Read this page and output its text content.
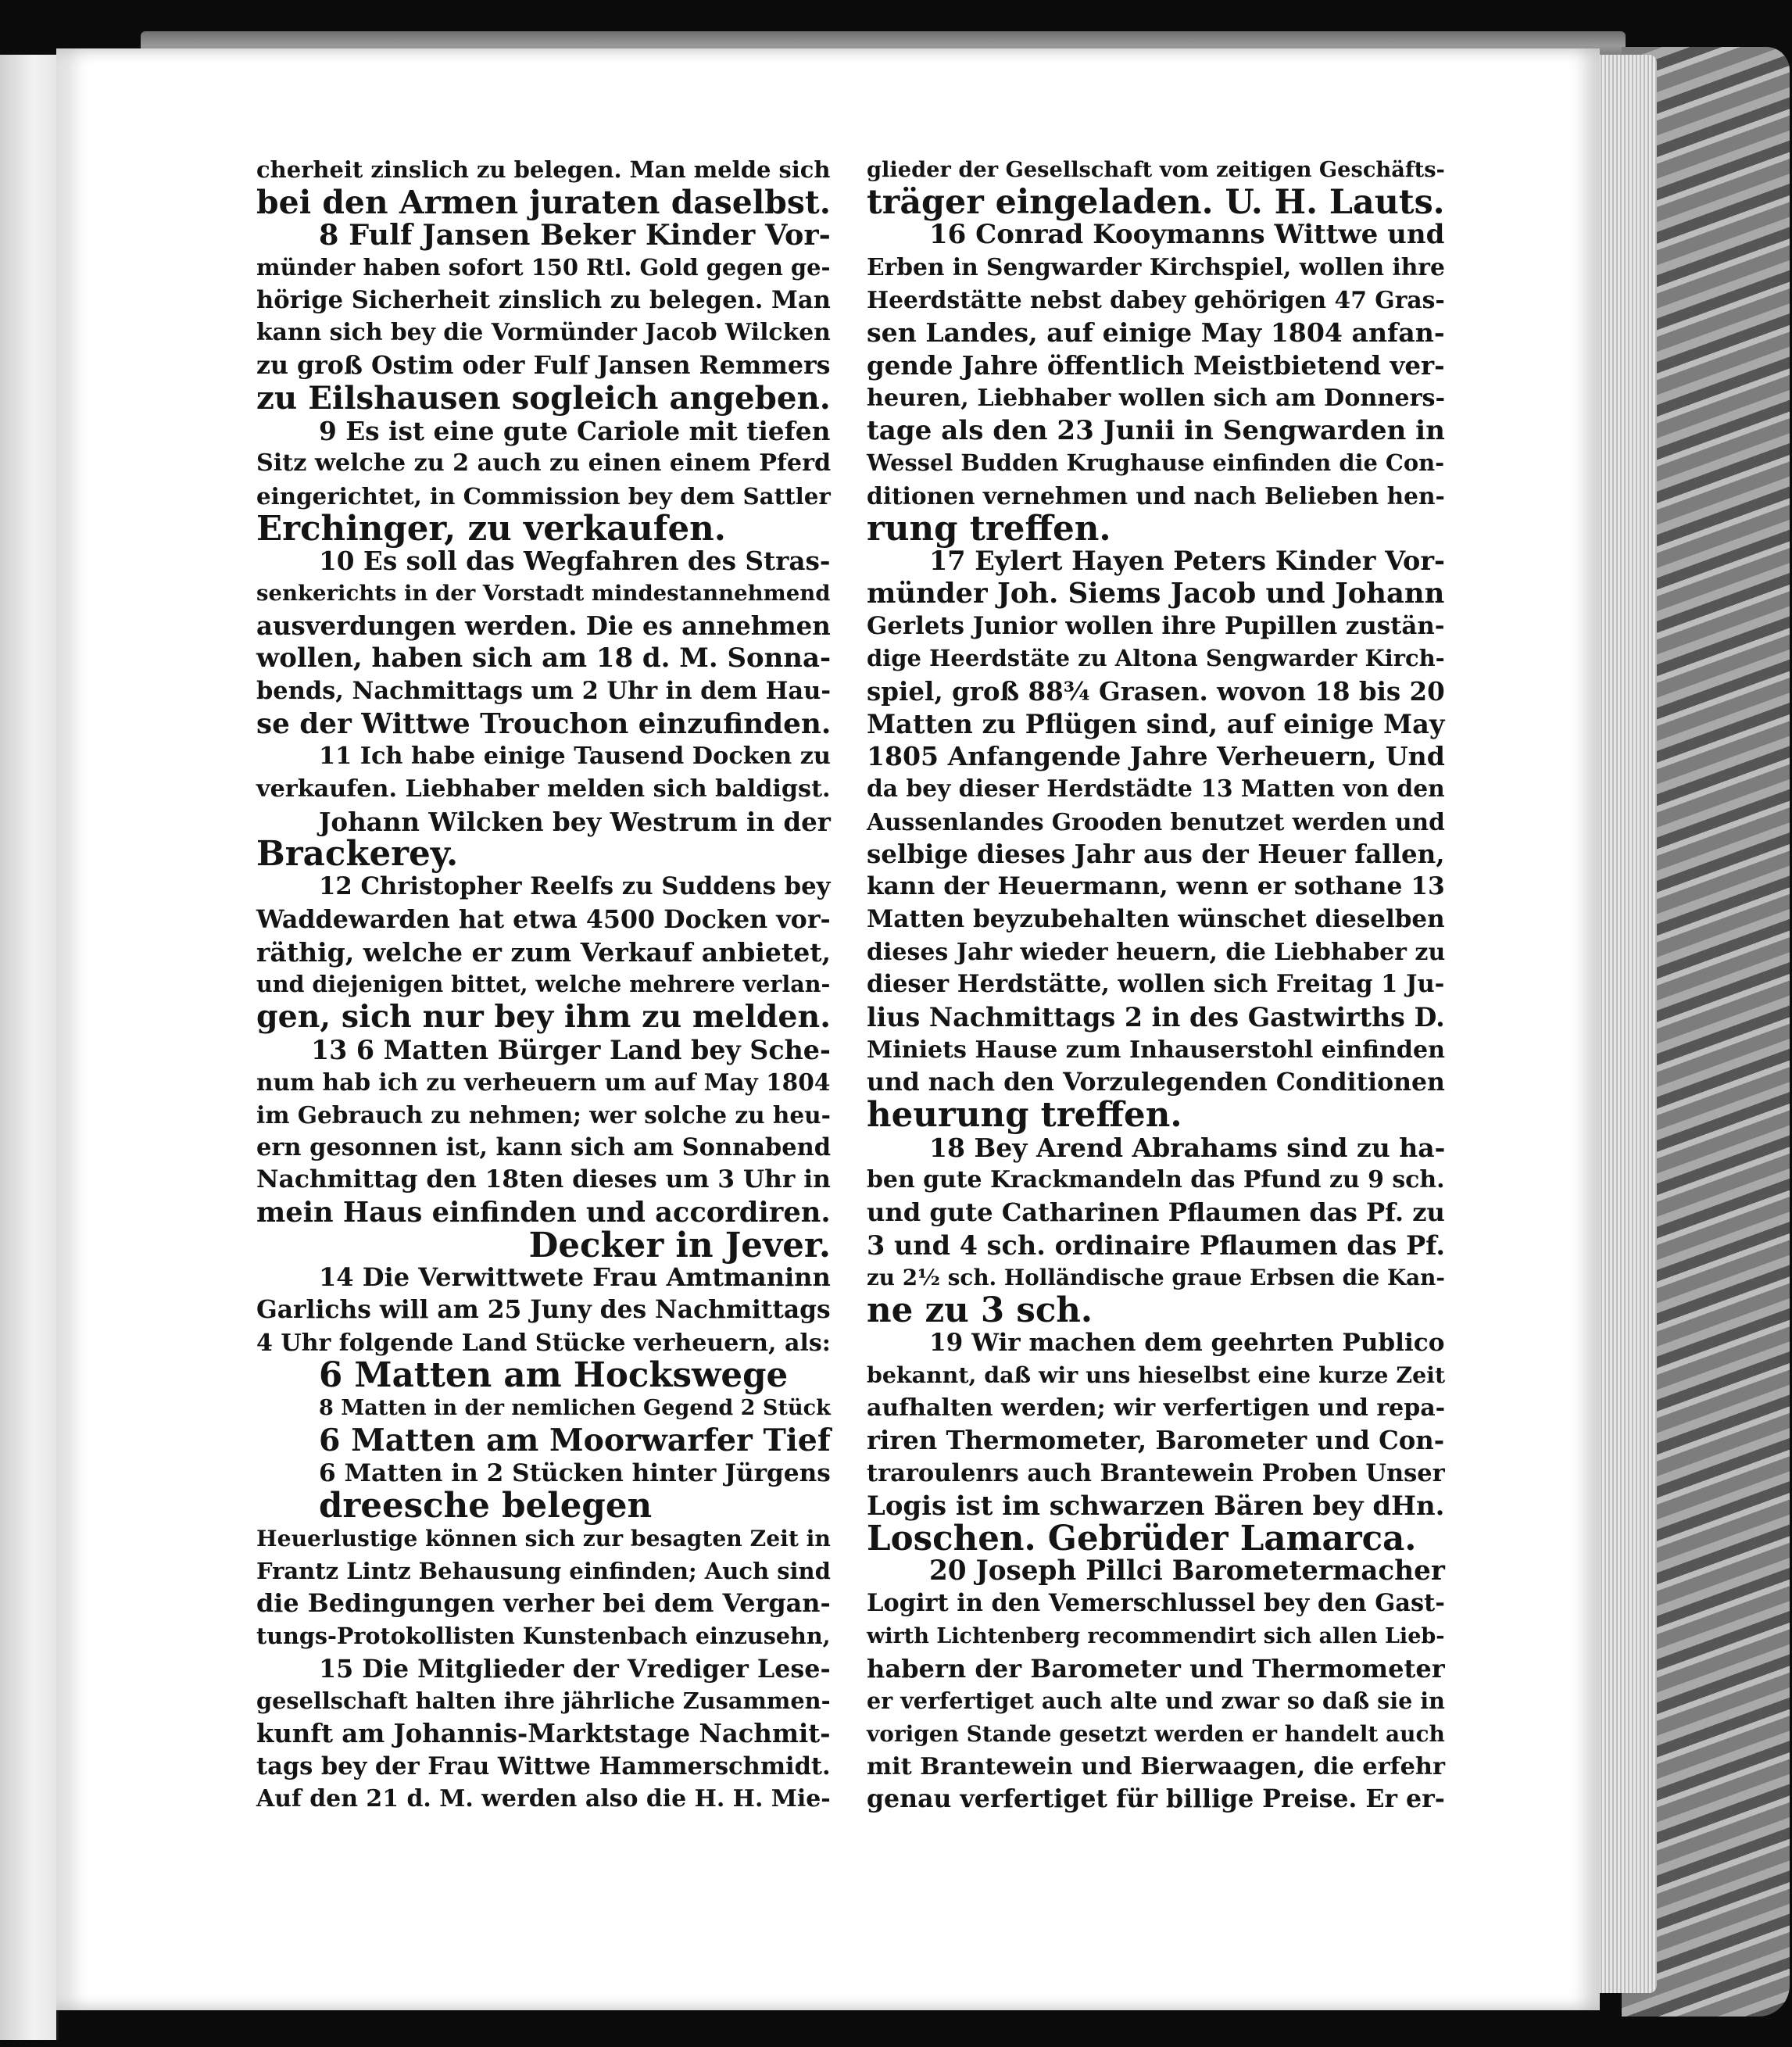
cherheit zinslich zu belegen. Man melde sich
bei den Armen juraten daselbst.
8 Fulf Jansen Beker Kinder Vor-
münder haben sofort 150 Rtl. Gold gegen ge-
hörige Sicherheit zinslich zu belegen. Man
kann sich bey die Vormünder Jacob Wilcken
zu groß Ostim oder Fulf Jansen Remmers
zu Eilshausen sogleich angeben.
9 Es ist eine gute Cariole mit tiefen
Sitz welche zu 2 auch zu einen einem Pferd
eingerichtet, in Commission bey dem Sattler
Erchinger, zu verkaufen.
10 Es soll das Wegfahren des Stras-
senkerichts in der Vorstadt mindestannehmend
ausverdungen werden. Die es annehmen
wollen, haben sich am 18 d. M. Sonna-
bends, Nachmittags um 2 Uhr in dem Hau-
se der Wittwe Trouchon einzufinden.
11 Ich habe einige Tausend Docken zu
verkaufen. Liebhaber melden sich baldigst.
Johann Wilcken bey Westrum in der
Brackerey.
12 Christopher Reelfs zu Suddens bey
Waddewarden hat etwa 4500 Docken vor-
räthig, welche er zum Verkauf anbietet,
und diejenigen bittet, welche mehrere verlan-
gen, sich nur bey ihm zu melden.
13 6 Matten Bürger Land bey Sche-
num hab ich zu verheuern um auf May 1804
im Gebrauch zu nehmen; wer solche zu heu-
ern gesonnen ist, kann sich am Sonnabend
Nachmittag den 18ten dieses um 3 Uhr in
mein Haus einfinden und accordiren.
Decker in Jever.
14 Die Verwittwete Frau Amtmaninn
Garlichs will am 25 Juny des Nachmittags
4 Uhr folgende Land Stücke verheuern, als:
6 Matten am Hockswege
8 Matten in der nemlichen Gegend 2 Stück
6 Matten am Moorwarfer Tief
6 Matten in 2 Stücken hinter Jürgens
dreesche belegen
Heuerlustige können sich zur besagten Zeit in
Frantz Lintz Behausung einfinden; Auch sind
die Bedingungen verher bei dem Vergan-
tungs-Protokollisten Kunstenbach einzusehn,
15 Die Mitglieder der Vrediger Lese-
gesellschaft halten ihre jährliche Zusammen-
kunft am Johannis-Marktstage Nachmit-
tags bey der Frau Wittwe Hammerschmidt.
Auf den 21 d. M. werden also die H. H. Mie-
glieder der Gesellschaft vom zeitigen Geschäfts-
träger eingeladen. U. H. Lauts.
16 Conrad Kooymanns Wittwe und
Erben in Sengwarder Kirchspiel, wollen ihre
Heerdstätte nebst dabey gehörigen 47 Gras-
sen Landes, auf einige May 1804 anfan-
gende Jahre öffentlich Meistbietend ver-
heuren, Liebhaber wollen sich am Donners-
tage als den 23 Junii in Sengwarden in
Wessel Budden Krughause einfinden die Con-
ditionen vernehmen und nach Belieben hen-
rung treffen.
17 Eylert Hayen Peters Kinder Vor-
münder Joh. Siems Jacob und Johann
Gerlets Junior wollen ihre Pupillen zustän-
dige Heerdstäte zu Altona Sengwarder Kirch-
spiel, groß 88¾ Grasen. wovon 18 bis 20
Matten zu Pflügen sind, auf einige May
1805 Anfangende Jahre Verheuern, Und
da bey dieser Herdstädte 13 Matten von den
Aussenlandes Grooden benutzet werden und
selbige dieses Jahr aus der Heuer fallen,
kann der Heuermann, wenn er sothane 13
Matten beyzubehalten wünschet dieselben
dieses Jahr wieder heuern, die Liebhaber zu
dieser Herdstätte, wollen sich Freitag 1 Ju-
lius Nachmittags 2 in des Gastwirths D.
Miniets Hause zum Inhauserstohl einfinden
und nach den Vorzulegenden Conditionen
heurung treffen.
18 Bey Arend Abrahams sind zu ha-
ben gute Krackmandeln das Pfund zu 9 sch.
und gute Catharinen Pflaumen das Pf. zu
3 und 4 sch. ordinaire Pflaumen das Pf.
zu 2½ sch. Holländische graue Erbsen die Kan-
ne zu 3 sch.
19 Wir machen dem geehrten Publico
bekannt, daß wir uns hieselbst eine kurze Zeit
aufhalten werden; wir verfertigen und repa-
riren Thermometer, Barometer und Con-
traroulenrs auch Brantewein Proben Unser
Logis ist im schwarzen Bären bey dHn.
Loschen. Gebrüder Lamarca.
20 Joseph Pillci Barometermacher
Logirt in den Vemerschlussel bey den Gast-
wirth Lichtenberg recommendirt sich allen Lieb-
habern der Barometer und Thermometer
er verfertiget auch alte und zwar so daß sie in
vorigen Stande gesetzt werden er handelt auch
mit Brantewein und Bierwaagen, die erfehr
genau verfertiget für billige Preise. Er er-
